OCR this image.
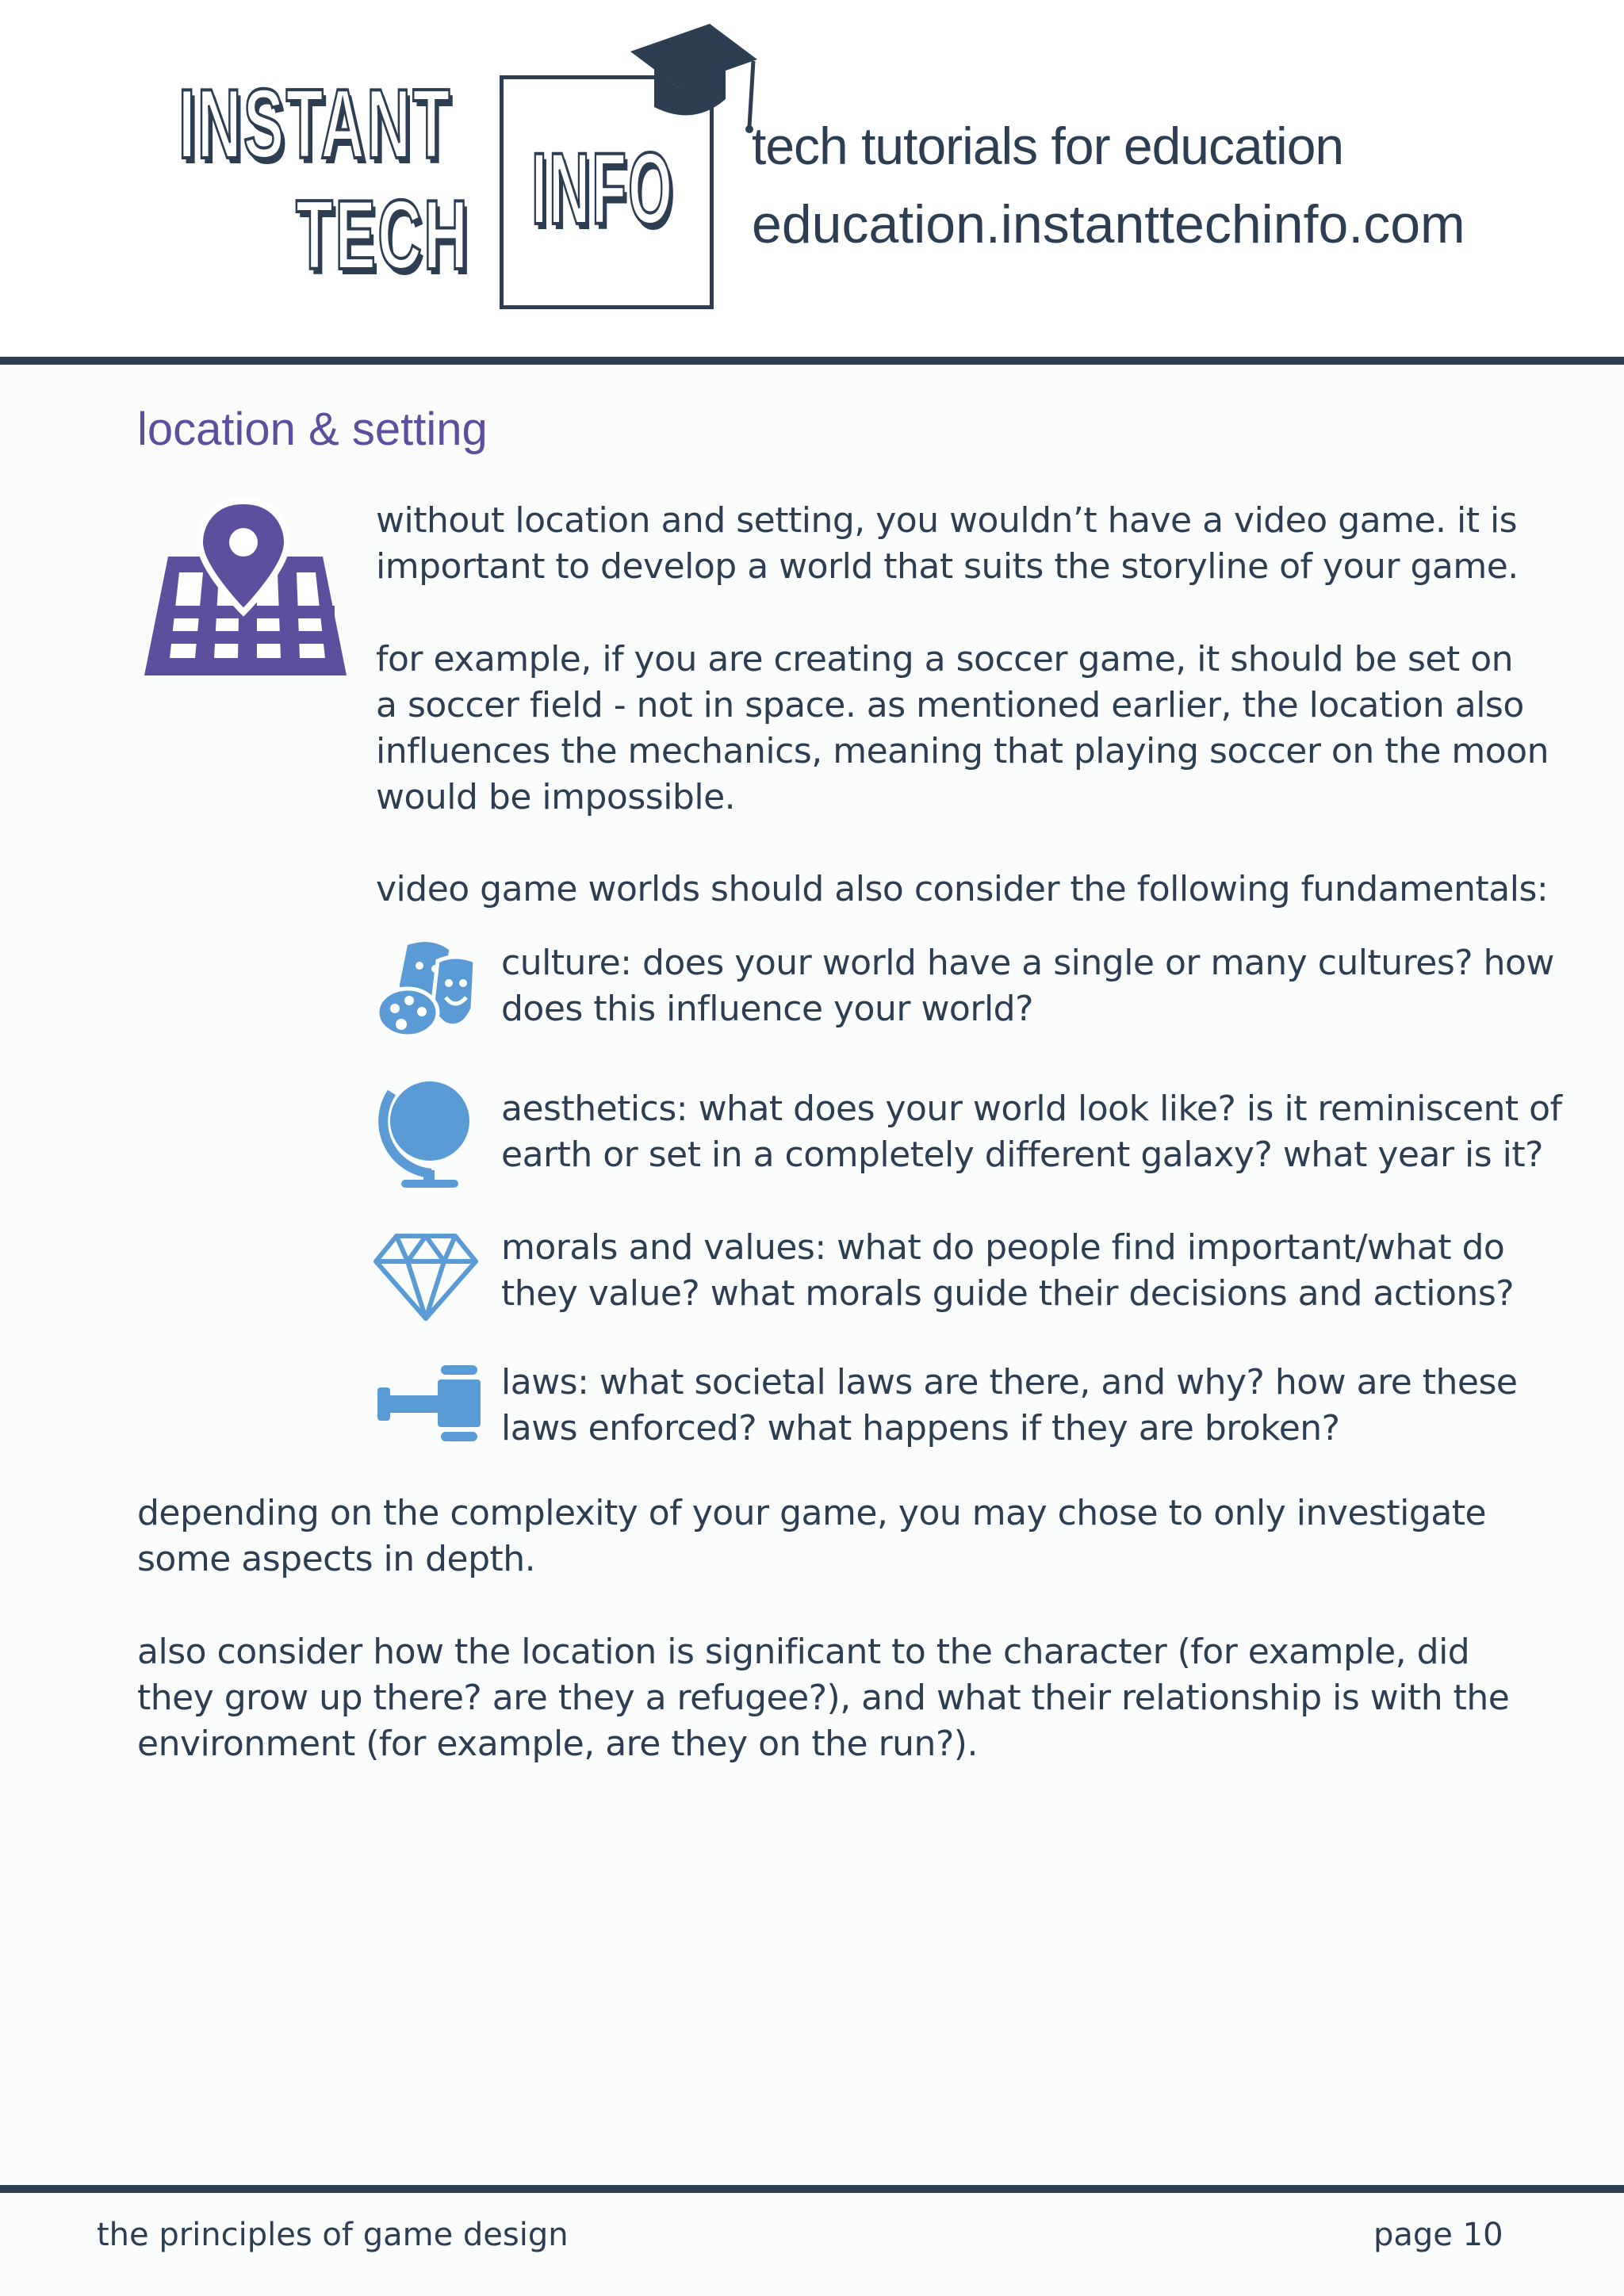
INSTANT
TECH INFO tech tutorials for education
education.instanttechinfo.com
location & setting
without location and setting, you wouldn’t have a video game. it is
important to develop a world that suits the storyline of your game.
for example, if you are creating a soccer game, it should be set on
a soccer field - not in space. as mentioned earlier, the location also
influences the mechanics, meaning that playing soccer on the moon
would be impossible.
video game worlds should also consider the following fundamentals:
culture: does your world have a single or many cultures? how
does this influence your world?
aesthetics: what does your world look like? is it reminiscent of
earth or set in a completely different galaxy? what year is it?
morals and values: what do people find important/what do
they value? what morals guide their decisions and actions?
laws: what societal laws are there, and why? how are these
laws enforced? what happens if they are broken?
depending on the complexity of your game, you may chose to only investigate
some aspects in depth.
also consider how the location is significant to the character (for example, did
they grow up there? are they a refugee?), and what their relationship is with the
environment (for example, are they on the run?).
the principles of game design	page 10
